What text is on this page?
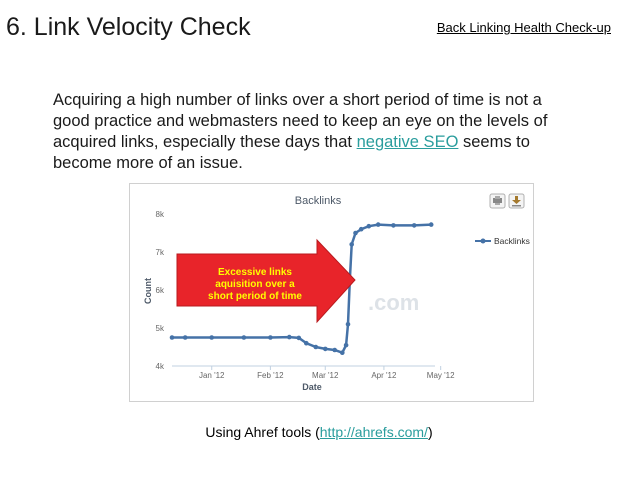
6. Link Velocity Check	Back Linking Health Check-up
Acquiring a high number of links over a short period of time is not a good practice and webmasters need to keep an eye on the levels of acquired links, especially these days that negative SEO seems to become more of an issue.
.com
Backlinks
4k
5k
6k
7k
8k
Jan '12	Feb '12	Mar '12	Apr '12	May '12
Count
Date
Excessive links
aquisition over a
short period of time
Backlinks
Using Ahref tools (http://ahrefs.com/)
